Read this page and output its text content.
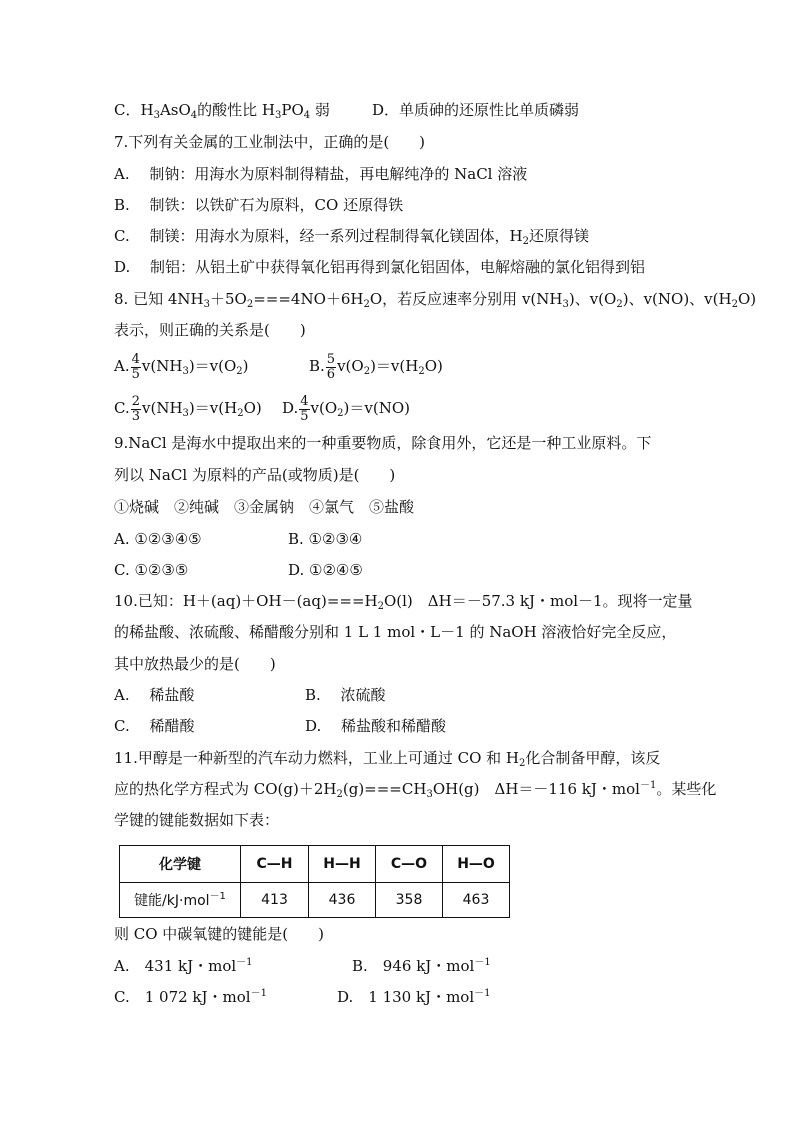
C．$H_3AsO_4$的酸性比 $H_3PO_4$ 弱	D．单质砷的还原性比单质磷弱
7.下列有关金属的工业制法中，正确的是(　　)
A.　 制钠：用海水为原料制得精盐，再电解纯净的 NaCl 溶液
B.　 制铁：以铁矿石为原料，CO 还原得铁
C.　 制镁：用海水为原料，经一系列过程制得氧化镁固体，$H_2$还原得镁
D.　 制铝：从铝土矿中获得氧化铝再得到氯化铝固体，电解熔融的氯化铝得到铝
8. 已知 $4NH_3+5O_2===4NO+6H_2O$，若反应速率分别用 $v(NH_3)$、$v(O_2)$、v(NO)、$v(H_2O)$
表示，则正确的关系是(　　)
A. $\frac{4}{5} v(NH_3)=v(O_2)$	B. $\frac{5}{6} v(O_2)=v(H_2O)$
C. $\frac{2}{3} v(NH_3)=v(H_2O)$ D. $\frac{4}{5} v(O_2)=v(NO)$
9.NaCl 是海水中提取出来的一种重要物质，除食用外，它还是一种工业原料。下
列以 NaCl 为原料的产品(或物质)是(　　)
①烧碱　②纯碱　③金属钠　④氯气　⑤盐酸
A. ①②③④⑤	B. ①②③④
C. ①②③⑤	D. ①②④⑤
10.已知：$H+(aq)+OH-(aq)===H_2O(l)$　ΔH＝－57.3 kJ・mol－1。现将一定量
的稀盐酸、浓硫酸、稀醋酸分别和 1 L 1 mol・L－1 的 NaOH 溶液恰好完全反应，
其中放热最少的是(　　)
A.　 稀盐酸	B.　 浓硫酸
C.　 稀醋酸	D.　 稀盐酸和稀醋酸
11.甲醇是一种新型的汽车动力燃料，工业上可通过 CO 和 $H_2$化合制备甲醇，该反
应的热化学方程式为 $CO(g)+2H_2(g)===CH_3OH(g)$　ΔH＝－116 kJ・mol$^{-1}$。某些化
学键的键能数据如下表：
化学键	C—H	H—H	C—O	H—O
键能/kJ·mol$^{-1}$	413	436	358	463
则 CO 中碳氧键的键能是(　　)
A.　431 kJ・mol$^{-1}$	B.　946 kJ・mol$^{-1}$
C.　1 072 kJ・mol$^{-1}$	D.　1 130 kJ・mol$^{-1}$
